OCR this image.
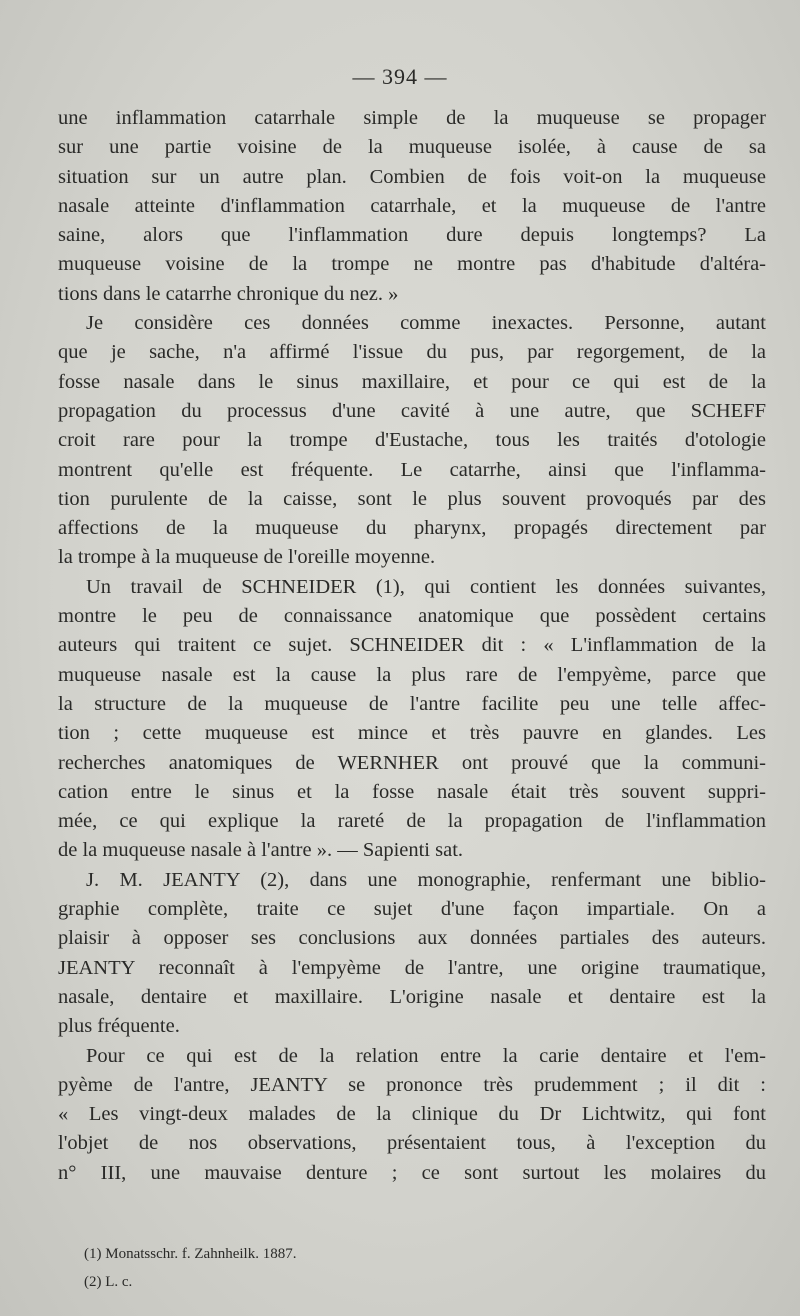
— 394 —
une inflammation catarrhale simple de la muqueuse se propager
sur une partie voisine de la muqueuse isolée, à cause de sa
situation sur un autre plan. Combien de fois voit-on la muqueuse
nasale atteinte d'inflammation catarrhale, et la muqueuse de l'antre
saine, alors que l'inflammation dure depuis longtemps? La
muqueuse voisine de la trompe ne montre pas d'habitude d'altéra-
tions dans le catarrhe chronique du nez. »
Je considère ces données comme inexactes. Personne, autant
que je sache, n'a affirmé l'issue du pus, par regorgement, de la
fosse nasale dans le sinus maxillaire, et pour ce qui est de la
propagation du processus d'une cavité à une autre, que SCHEFF
croit rare pour la trompe d'Eustache, tous les traités d'otologie
montrent qu'elle est fréquente. Le catarrhe, ainsi que l'inflamma-
tion purulente de la caisse, sont le plus souvent provoqués par des
affections de la muqueuse du pharynx, propagés directement par
la trompe à la muqueuse de l'oreille moyenne.
Un travail de SCHNEIDER (1), qui contient les données suivantes,
montre le peu de connaissance anatomique que possèdent certains
auteurs qui traitent ce sujet. SCHNEIDER dit : « L'inflammation de la
muqueuse nasale est la cause la plus rare de l'empyème, parce que
la structure de la muqueuse de l'antre facilite peu une telle affec-
tion ; cette muqueuse est mince et très pauvre en glandes. Les
recherches anatomiques de WERNHER ont prouvé que la communi-
cation entre le sinus et la fosse nasale était très souvent suppri-
mée, ce qui explique la rareté de la propagation de l'inflammation
de la muqueuse nasale à l'antre ». — Sapienti sat.
J. M. JEANTY (2), dans une monographie, renfermant une biblio-
graphie complète, traite ce sujet d'une façon impartiale. On a
plaisir à opposer ses conclusions aux données partiales des auteurs.
JEANTY reconnaît à l'empyème de l'antre, une origine traumatique,
nasale, dentaire et maxillaire. L'origine nasale et dentaire est la
plus fréquente.
Pour ce qui est de la relation entre la carie dentaire et l'em-
pyème de l'antre, JEANTY se prononce très prudemment ; il dit :
« Les vingt-deux malades de la clinique du Dr Lichtwitz, qui font
l'objet de nos observations, présentaient tous, à l'exception du
n° III, une mauvaise denture ; ce sont surtout les molaires du
(1) Monatsschr. f. Zahnheilk. 1887.
(2) L. c.
